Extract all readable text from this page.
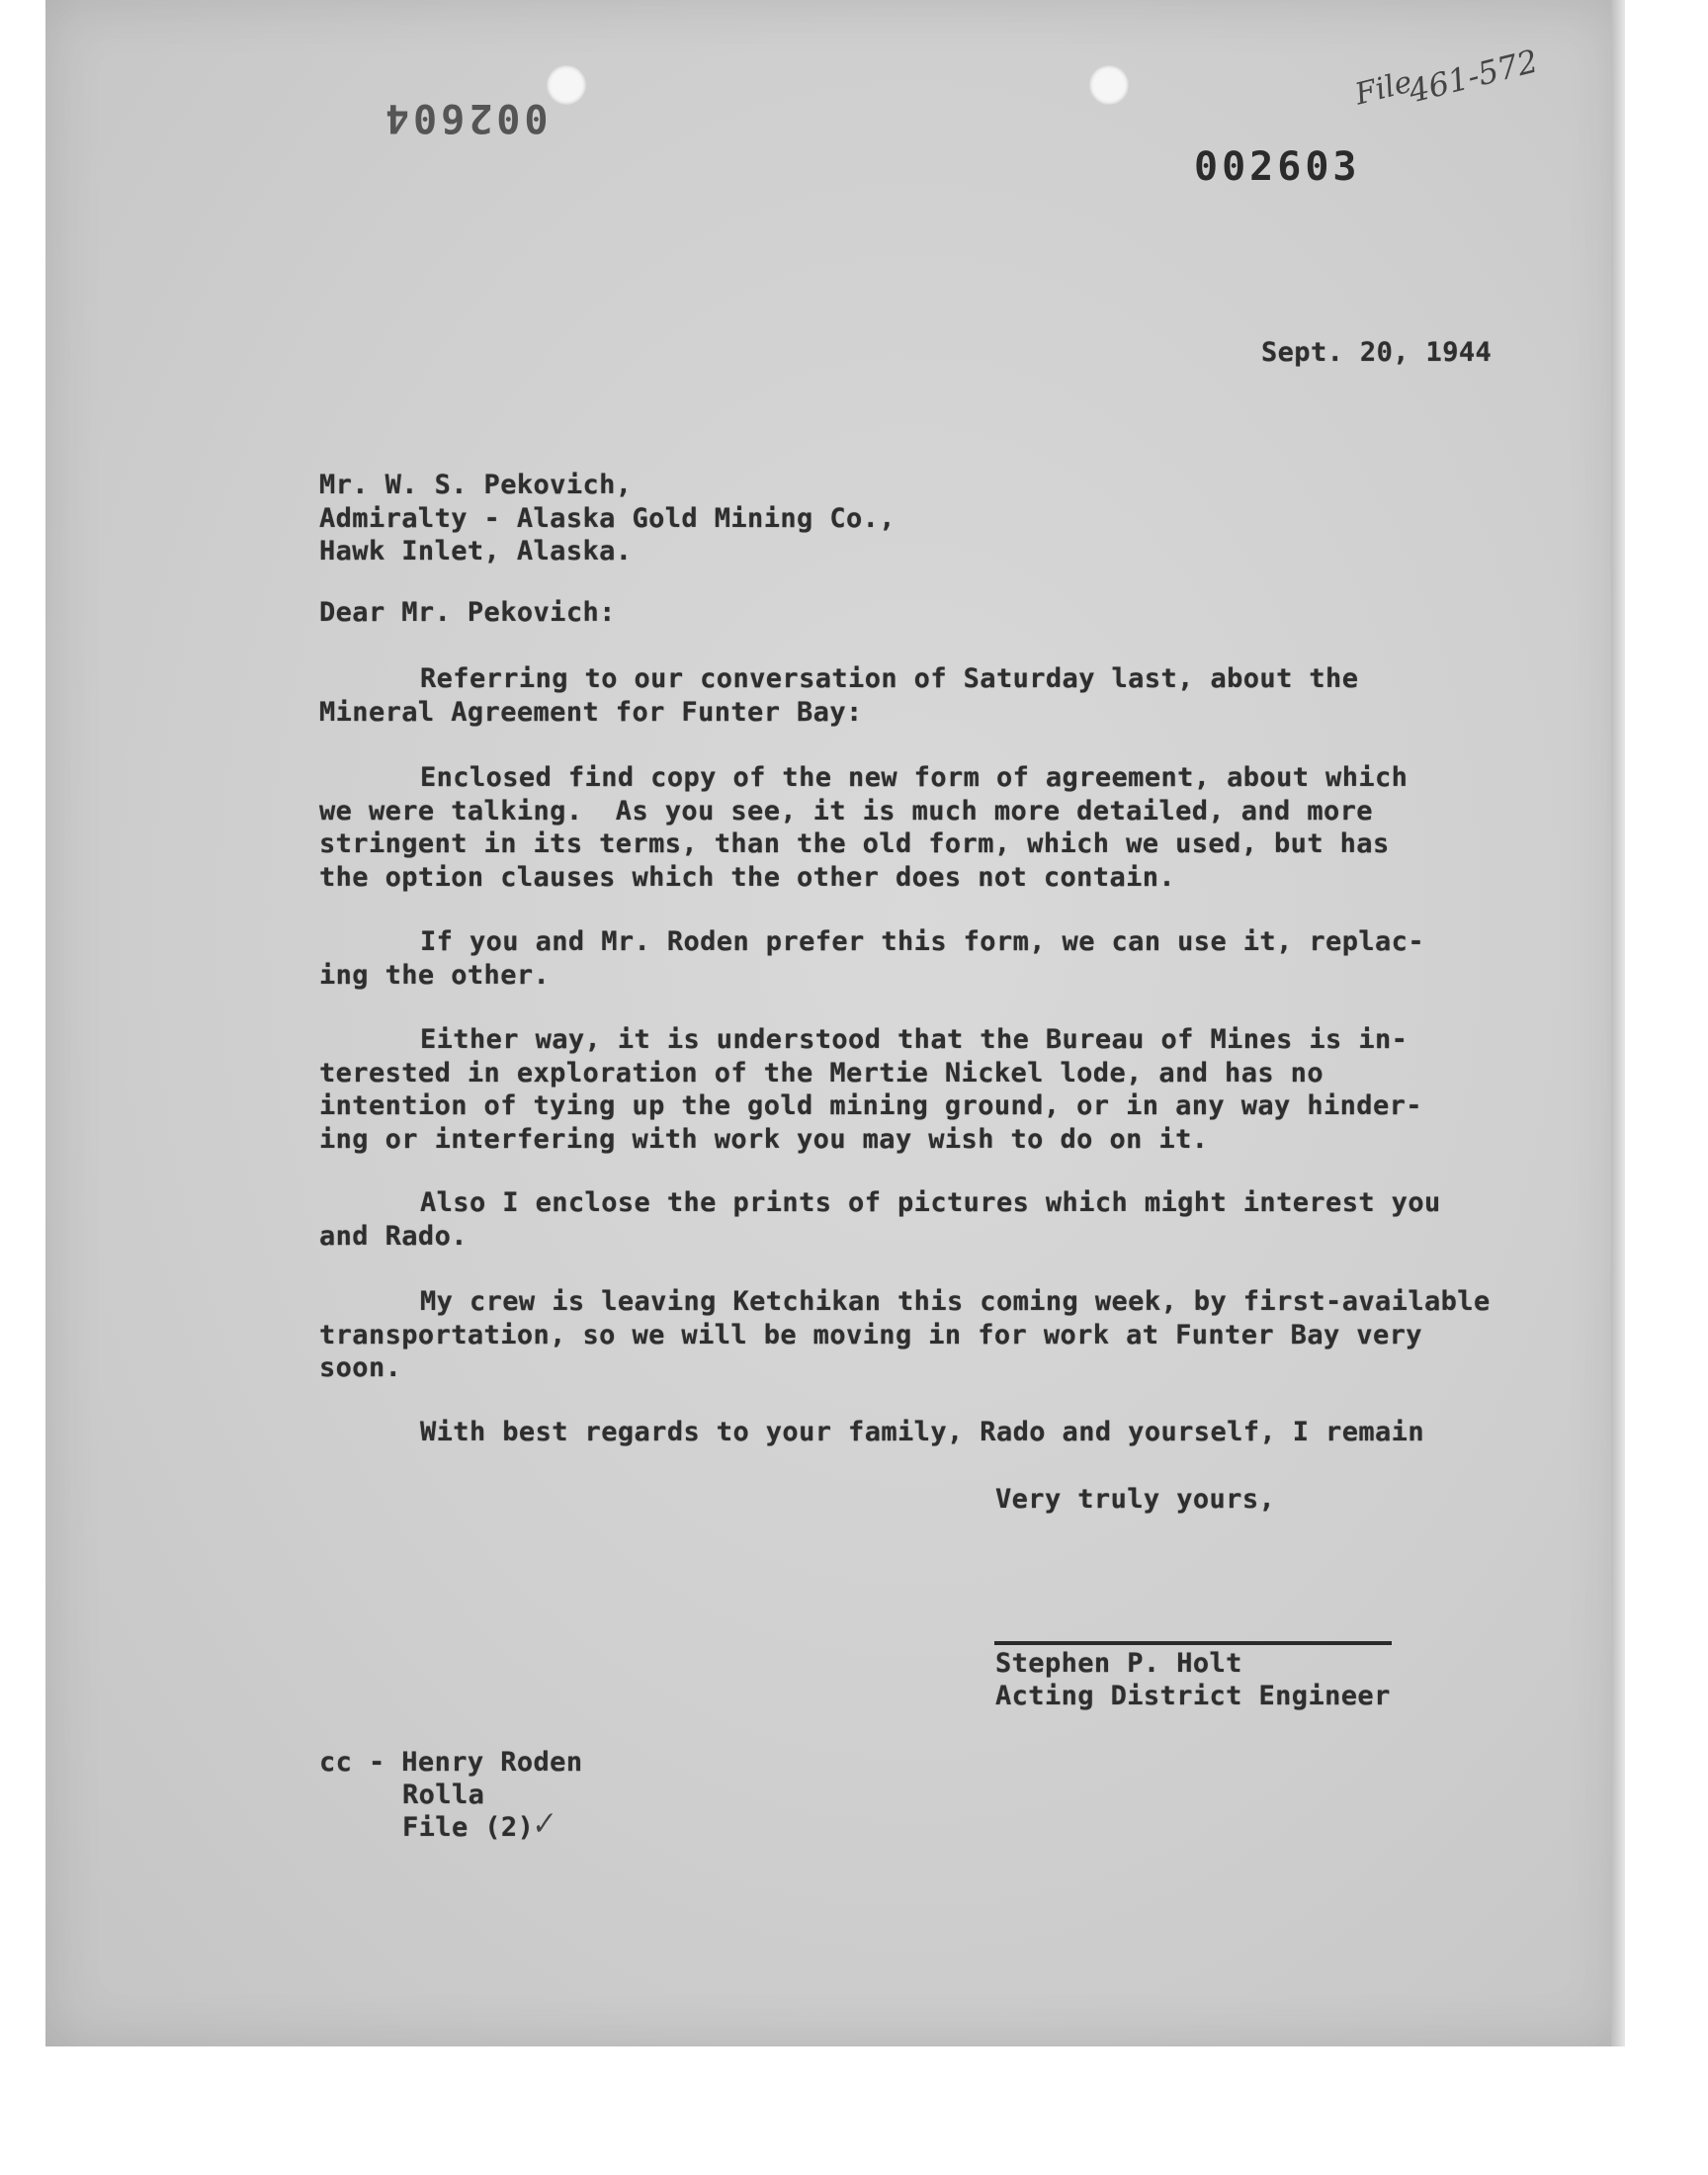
002604
002603
File
461-572
Sept. 20, 1944
Mr. W. S. Pekovich,
Admiralty - Alaska Gold Mining Co.,
Hawk Inlet, Alaska.
Dear Mr. Pekovich:
Referring to our conversation of Saturday last, about the
Mineral Agreement for Funter Bay:
Enclosed find copy of the new form of agreement, about which
we were talking.  As you see, it is much more detailed, and more
stringent in its terms, than the old form, which we used, but has
the option clauses which the other does not contain.
If you and Mr. Roden prefer this form, we can use it, replac-
ing the other.
Either way, it is understood that the Bureau of Mines is in-
terested in exploration of the Mertie Nickel lode, and has no
intention of tying up the gold mining ground, or in any way hinder-
ing or interfering with work you may wish to do on it.
Also I enclose the prints of pictures which might interest you
and Rado.
My crew is leaving Ketchikan this coming week, by first-available
transportation, so we will be moving in for work at Funter Bay very
soon.
With best regards to your family, Rado and yourself, I remain
Very truly yours,
Stephen P. Holt
Acting District Engineer
cc - Henry Roden
Rolla
File (2)
✓
